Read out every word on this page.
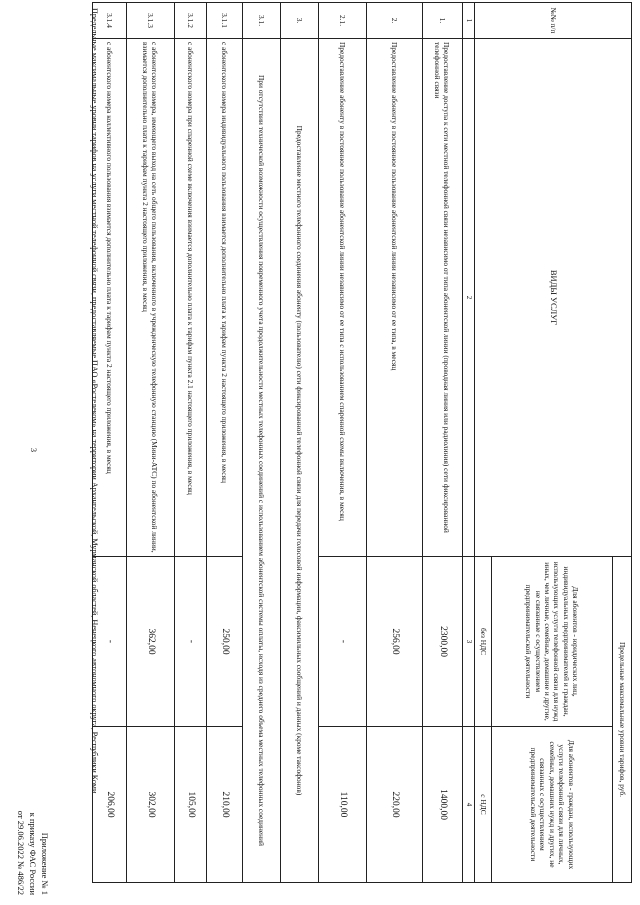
3
Приложение № 1
к приказу ФАС России
от 29.06.2022 № 486/22
Предельные максимальные уровни тарифов на услуги местной телефонной связи, предоставляемые ПАО «Ростелеком» на территории Архангельской, Мурманской областей, Ненецкого автономного округа, Республики Коми	№№ п/п	ВИДЫ УСЛУГ	Предельные максимальные уровни тарифов, руб.	
		Для абонентов - юридических лиц, индивидуальных предпринимателей и граждан, использующих услуги телефонной связи для нужд иных, чем личные, семейные, домашние и другие, не связанные с осуществлением предпринимательской деятельности	Для абонентов - граждан, использующих услуги телефонной связи для личных, семейных, домашних нужд и других, не связанных с осуществлением предпринимательской деятельности
		без НДС	с НДС
1	2	3	4
1.	Предоставление доступа к сети местной телефонной связи независимо от типа абонентской линии (проводная линия или радиолиния) сети фиксированной телефонной связи	2300,00	1400,00
2.	Предоставление абоненту в постоянное пользование абонентской линии независимо от ее типа, в месяц	256,00	220,00
2.1.	Предоставление абоненту в постоянное пользование абонентской линии независимо от ее типа с использованием спаренной схемы включения, в месяц	-	110,00
3.	Предоставление местного телефонного соединения абоненту (пользователю) сети фиксированной телефонной связи для передачи голосовой информации, факсимильных сообщений и данных (кроме таксофонов)		
3.1.	При отсутствии технической возможности осуществления повременного учета продолжительности местных телефонных соединений с использованием абонентской системы оплаты, исходя из среднего объема местных телефонных соединений		
3.1.1	с абонентского номера индивидуального пользования взимается дополнительно плата к тарифам пункта 2 настоящего приложения, в месяц	250,00	210,00
3.1.2	с абонентского номера при спаренной схеме включения взимается дополнительно плата к тарифам пункта 2.1 настоящего приложения, в месяц	-	105,00
3.1.3	с абонентского номера, имеющего выход на сеть общего пользования, включенного в учрежденческую телефонную станцию (Мини-АТС) по абонентской линии, взимается дополнительно плата к тарифам пункта 2 настоящего приложения, в месяц	362,00	302,00
3.1.4	с абонентского номера коллективного пользования взимается дополнительно плата к тарифам пункта 2 настоящего приложения, в месяц	-	206,00
